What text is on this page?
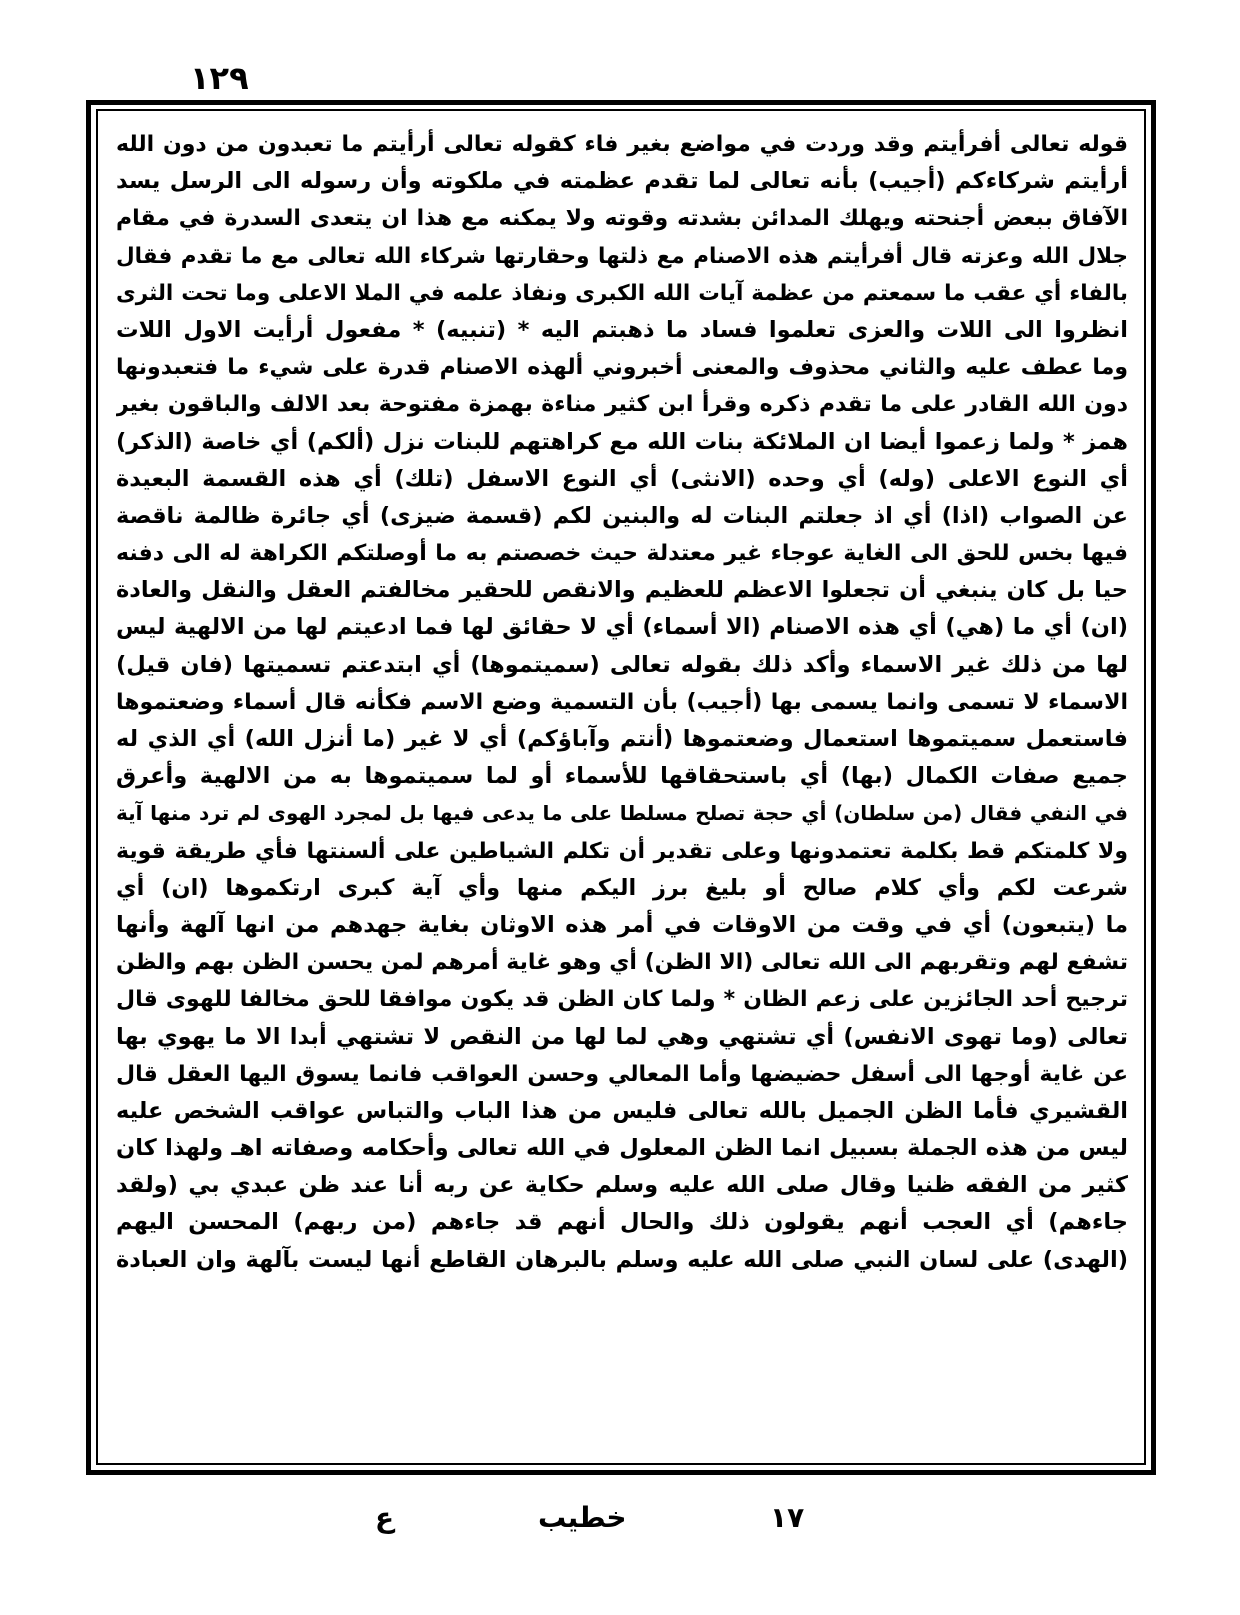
١٢٩
قوله تعالى أفرأيتم وقد وردت في مواضع بغير فاء كقوله تعالى أرأيتم ما تعبدون من دون الله
أرأيتم شركاءكم (أجيب) بأنه تعالى لما تقدم عظمته في ملكوته وأن رسوله الى الرسل يسد
الآفاق ببعض أجنحته ويهلك المدائن بشدته وقوته ولا يمكنه مع هذا ان يتعدى السدرة في مقام
جلال الله وعزته قال أفرأيتم هذه الاصنام مع ذلتها وحقارتها شركاء الله تعالى مع ما تقدم فقال
بالفاء أي عقب ما سمعتم من عظمة آيات الله الكبرى ونفاذ علمه في الملا الاعلى وما تحت الثرى
انظروا الى اللات والعزى تعلموا فساد ما ذهبتم اليه * (تنبيه) * مفعول أرأيت الاول اللات
وما عطف عليه والثاني محذوف والمعنى أخبروني ألهذه الاصنام قدرة على شيء ما فتعبدونها
دون الله القادر على ما تقدم ذكره وقرأ ابن كثير مناءة بهمزة مفتوحة بعد الالف والباقون بغير
همز * ولما زعموا أيضا ان الملائكة بنات الله مع كراهتهم للبنات نزل (ألكم) أي خاصة (الذكر)
أي النوع الاعلى (وله) أي وحده (الانثى) أي النوع الاسفل (تلك) أي هذه القسمة البعيدة
عن الصواب (اذا) أي اذ جعلتم البنات له والبنين لكم (قسمة ضيزى) أي جائرة ظالمة ناقصة
فيها بخس للحق الى الغاية عوجاء غير معتدلة حيث خصصتم به ما أوصلتكم الكراهة له الى دفنه
حيا بل كان ينبغي أن تجعلوا الاعظم للعظيم والانقص للحقير مخالفتم العقل والنقل والعادة
(ان) أي ما (هي) أي هذه الاصنام (الا أسماء) أي لا حقائق لها فما ادعيتم لها من الالهية ليس
لها من ذلك غير الاسماء وأكد ذلك بقوله تعالى (سميتموها) أي ابتدعتم تسميتها (فان قيل)
الاسماء لا تسمى وانما يسمى بها (أجيب) بأن التسمية وضع الاسم فكأنه قال أسماء وضعتموها
فاستعمل سميتموها استعمال وضعتموها (أنتم وآباؤكم) أي لا غير (ما أنزل الله) أي الذي له
جميع صفات الكمال (بها) أي باستحقاقها للأسماء أو لما سميتموها به من الالهية وأعرق
في النفي فقال (من سلطان) أي حجة تصلح مسلطا على ما يدعى فيها بل لمجرد الهوى لم ترد منها آية
ولا كلمتكم قط بكلمة تعتمدونها وعلى تقدير أن تكلم الشياطين على ألسنتها فأي طريقة قوية
شرعت لكم وأي كلام صالح أو بليغ برز اليكم منها وأي آية كبرى ارتكموها (ان) أي
ما (يتبعون) أي في وقت من الاوقات في أمر هذه الاوثان بغاية جهدهم من انها آلهة وأنها
تشفع لهم وتقربهم الى الله تعالى (الا الظن) أي وهو غاية أمرهم لمن يحسن الظن بهم والظن
ترجيح أحد الجائزين على زعم الظان * ولما كان الظن قد يكون موافقا للحق مخالفا للهوى قال
تعالى (وما تهوى الانفس) أي تشتهي وهي لما لها من النقص لا تشتهي أبدا الا ما يهوي بها
عن غاية أوجها الى أسفل حضيضها وأما المعالي وحسن العواقب فانما يسوق اليها العقل قال
القشيري فأما الظن الجميل بالله تعالى فليس من هذا الباب والتباس عواقب الشخص عليه
ليس من هذه الجملة بسبيل انما الظن المعلول في الله تعالى وأحكامه وصفاته اهـ ولهذا كان
كثير من الفقه ظنيا وقال صلى الله عليه وسلم حكاية عن ربه أنا عند ظن عبدي بي (ولقد
جاءهم) أي العجب أنهم يقولون ذلك والحال أنهم قد جاءهم (من ربهم) المحسن اليهم
(الهدى) على لسان النبي صلى الله عليه وسلم بالبرهان القاطع أنها ليست بآلهة وان العبادة
ع	خطيب	١٧
